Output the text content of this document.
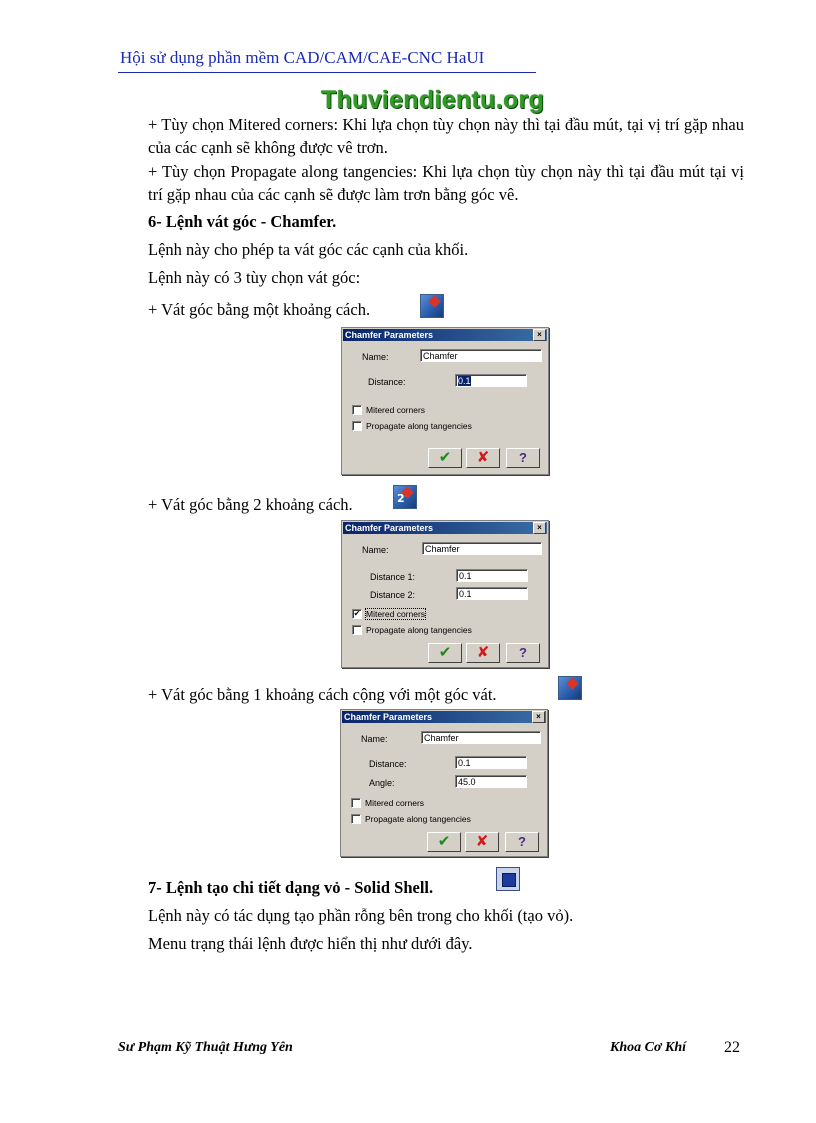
Hội sử dụng phần mềm CAD/CAM/CAE-CNC HaUI
Thuviendientu.org
+ Tùy chọn Mitered corners: Khi lựa chọn tùy chọn này thì tại đầu mút, tại vị trí gặp nhau của các cạnh sẽ không được vê trơn.
+ Tùy chọn Propagate along tangencies: Khi lựa chọn tùy chọn này thì tại đầu mút tại vị trí gặp nhau của các cạnh sẽ được làm trơn bằng góc vê.
6- Lệnh vát góc - Chamfer.
Lệnh này cho phép ta vát góc các cạnh của khối.
Lệnh này có 3 tùy chọn vát góc:
+ Vát góc bằng một khoảng cách.
Chamfer Parameters	×
Name:	Chamfer
Distance:	0.1
Mitered corners
Propagate along tangencies
✔	✘	?
+ Vát góc bằng 2 khoảng cách.	2
Chamfer Parameters	×
Name:	Chamfer
Distance 1:	0.1
Distance 2:	0.1
✔ Mitered corners
Propagate along tangencies
✔	✘	?
+ Vát góc bằng 1 khoảng cách cộng với một góc vát.
Chamfer Parameters	×
Name:	Chamfer
Distance:	0.1
Angle:	45.0
Mitered corners
Propagate along tangencies
✔	✘	?
7- Lệnh tạo chi tiết dạng vỏ - Solid Shell.
Lệnh này có tác dụng tạo phần rỗng bên trong cho khối (tạo vỏ).
Menu trạng thái lệnh được hiển thị như dưới đây.
Sư Phạm Kỹ Thuật Hưng Yên	Khoa Cơ Khí 22
